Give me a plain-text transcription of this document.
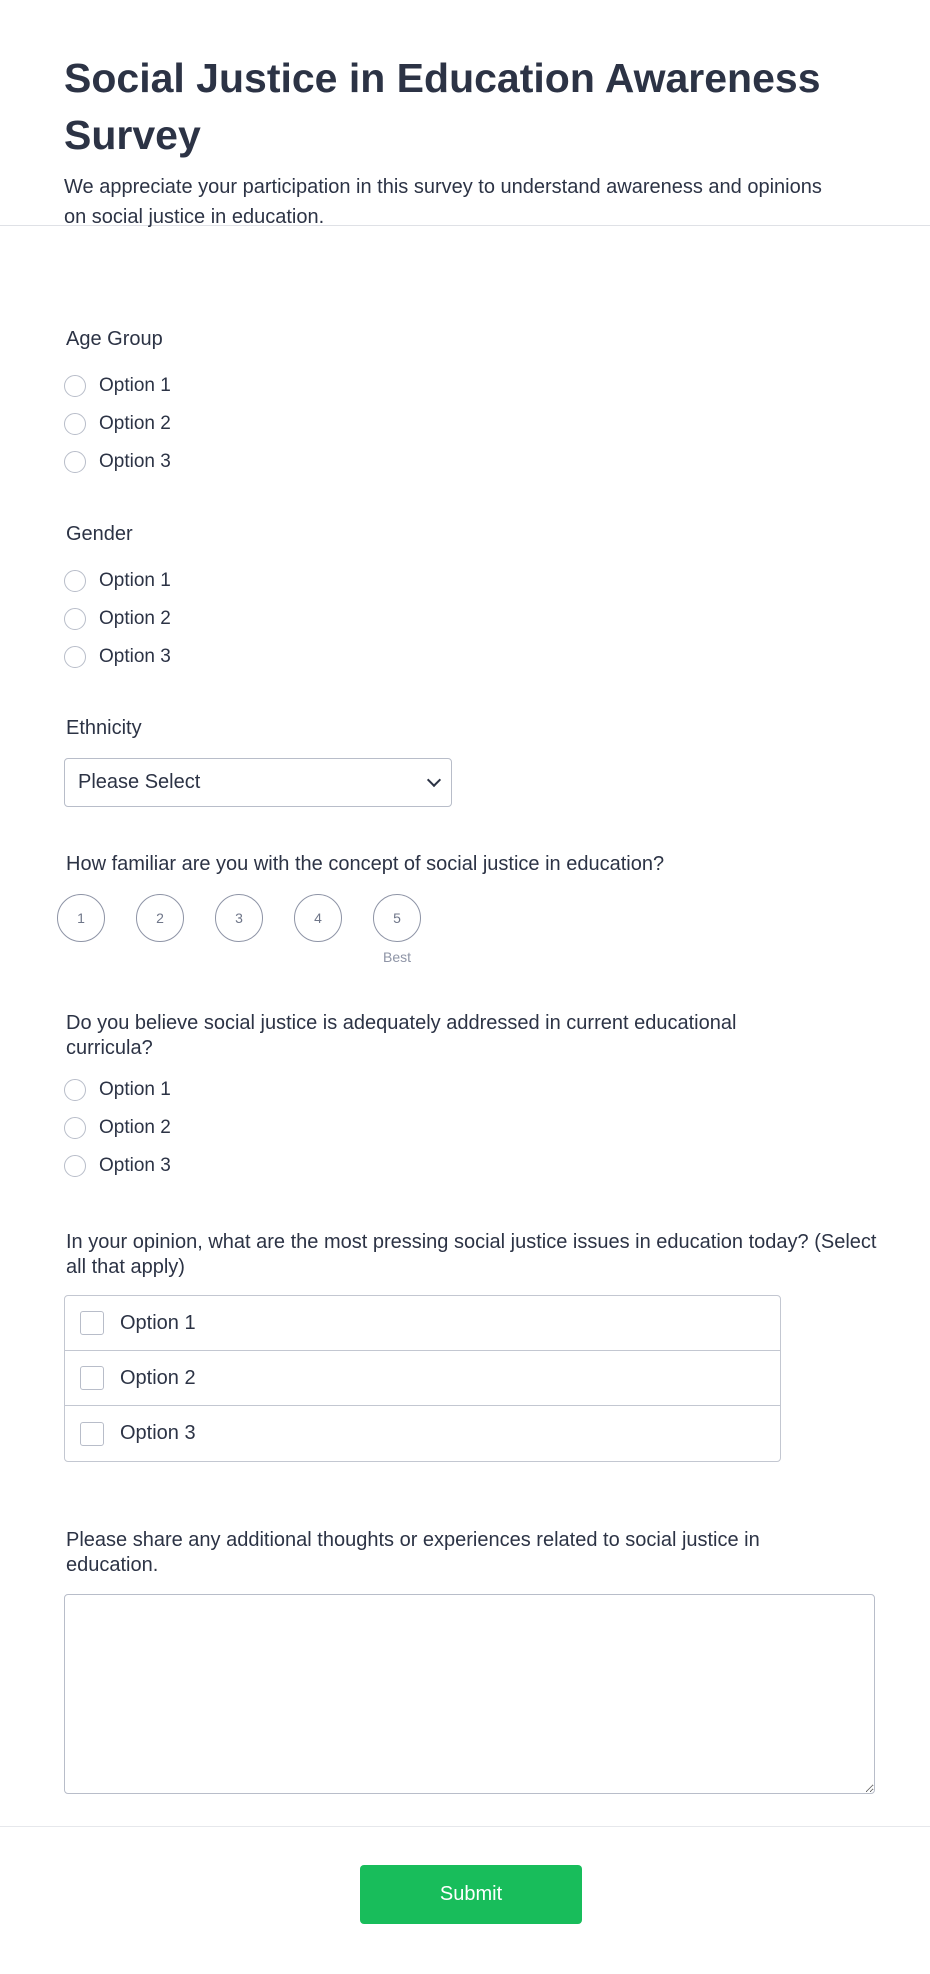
Social Justice in Education Awareness Survey

We appreciate your participation in this survey to understand awareness and opinions on social justice in education.

Age Group
Option 1
Option 2
Option 3
Gender
Option 1
Option 2
Option 3
Ethnicity
Please Select
How familiar are you with the concept of social justice in education?
1	2	3	4	5
Best
Do you believe social justice is adequately addressed in current educational curricula?
Option 1
Option 2
Option 3
In your opinion, what are the most pressing social justice issues in education today? (Select all that apply)
Option 1
Option 2
Option 3
Please share any additional thoughts or experiences related to social justice in education.
Submit
